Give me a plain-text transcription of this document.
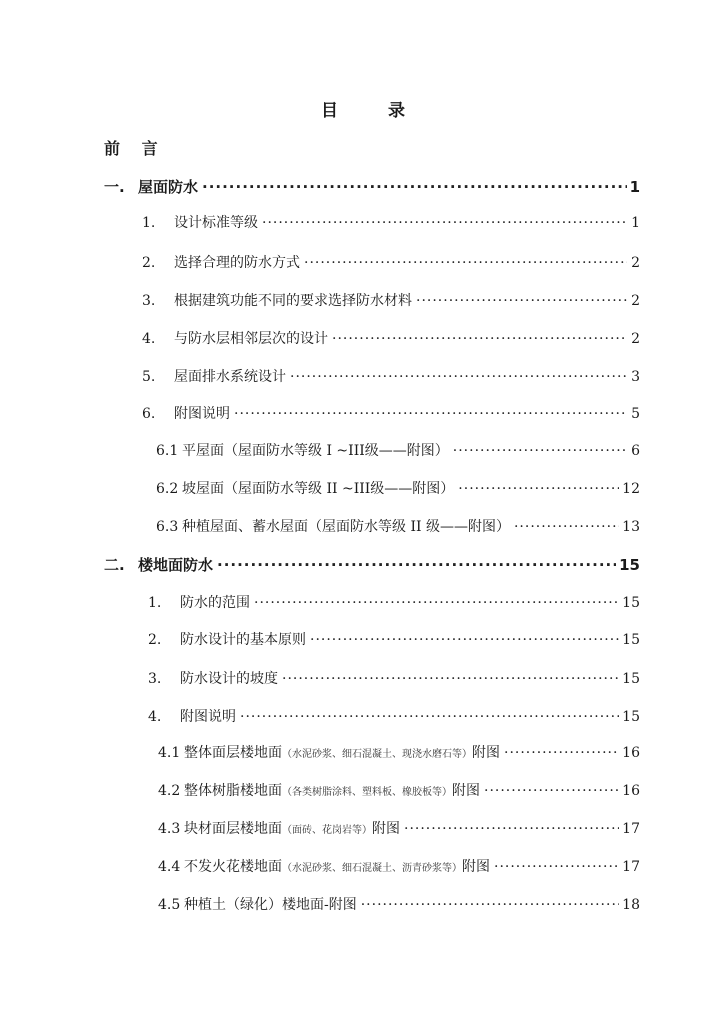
目 录
前 言
一. 屋面防水 ·····	1
1.	设计标准等级 ·····	1
2.	选择合理的防水方式 ·····	2
3.	根据建筑功能不同的要求选择防水材料 ·····	2
4.	与防水层相邻层次的设计 ·····	2
5.	屋面排水系统设计 ·····	3
6.	附图说明 ·····	5
6.1 平屋面（屋面防水等级 I ~III级——附图） ·····	6
6.2 坡屋面（屋面防水等级 II ~III级——附图） ·····	12
6.3 种植屋面、蓄水屋面（屋面防水等级 II 级——附图） ·····	13
二. 楼地面防水 ·····	15
1.	防水的范围 ·····	15
2.	防水设计的基本原则 ·····	15
3.	防水设计的坡度 ·····	15
4.	附图说明 ·····	15
4.1 整体面层楼地面 （水泥砂浆、细石混凝土、现浇水磨石等） 附图 ·····	16
4.2 整体树脂楼地面 （各类树脂涂料、塑料板、橡胶板等） 附图 ·····	16
4.3 块材面层楼地面 （面砖、花岗岩等） 附图 ·····	17
4.4 不发火花楼地面 （水泥砂浆、细石混凝土、沥青砂浆等） 附图 ·····	17
4.5 种植土（绿化）楼地面-附图 ·····	18
